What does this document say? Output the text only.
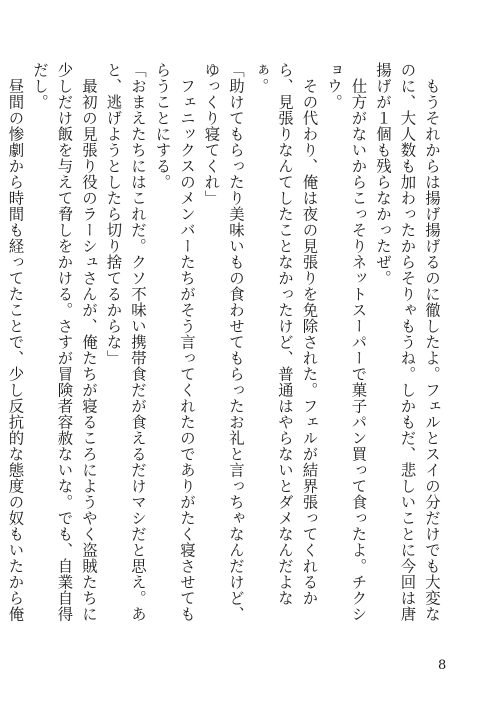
　もうそれからは揚げ揚げるのに徹したよ。フェルとスイの分だけでも大変なのに、大人数も加わったからそりゃもうね。しかもだ、悲しいことに今回は唐揚げが１個も残らなかったぜ。
　仕方がないからこっそりネットスーパーで菓子パン買って食ったよ。チクショウ。
　その代わり、俺は夜の見張りを免除された。フェルが結界張ってくれるから、見張りなんてしたことなかったけど、普通はやらないとダメなんだよなぁ。
「助けてもらったり美味いもの食わせてもらったお礼と言っちゃなんだけど、ゆっくり寝てくれ」
　フェニックスのメンバーたちがそう言ってくれたのでありがたく寝させてもらうことにする。
「おまえたちにはこれだ。クソ不味い携帯食だが食えるだけマシだと思え。あと、逃げようとしたら切り捨てるからな」
　最初の見張り役のラーシュさんが、俺たちが寝るころにようやく盗賊たちに少しだけ飯を与えて脅しをかける。さすが冒険者容赦ないな。でも、自業自得だし。
　昼間の惨劇から時間も経ってたことで、少し反抗的な態度の奴もいたから俺
8
